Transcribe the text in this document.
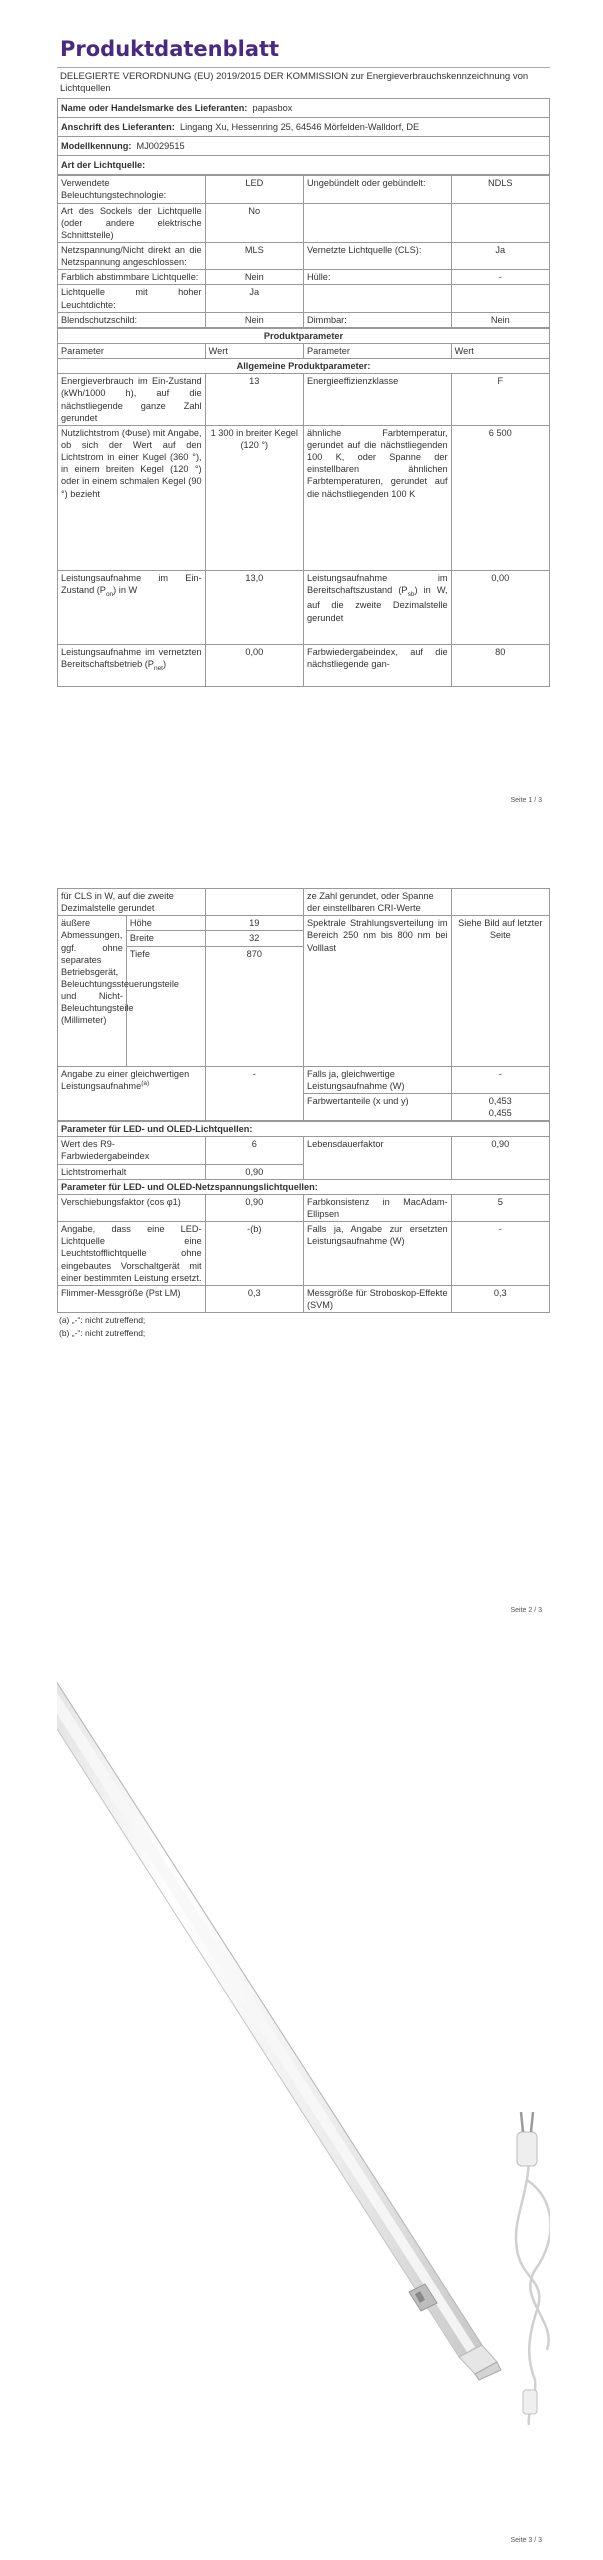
Produktdatenblatt
DELEGIERTE VERORDNUNG (EU) 2019/2015 DER KOMMISSION zur Energieverbrauchskennzeichnung von Lichtquellen
Name oder Handelsmarke des Lieferanten: papasbox
Anschrift des Lieferanten: Lingang Xu, Hessenring 25, 64546 Mörfelden-Walldorf, DE
Modellkennung: MJ0029515
Art der Lichtquelle:
Verwendete Beleuchtungstechnologie:	LED	Ungebündelt oder gebündelt:	NDLS
Art des Sockels der Lichtquelle (oder andere elektrische Schnittstelle)	No		
Netzspannung/Nicht direkt an die Netzspannung angeschlossen:	MLS	Vernetzte Lichtquelle (CLS):	Ja
Farblich abstimmbare Lichtquelle:	Nein	Hülle:	-
Lichtquelle mit hoher Leuchtdichte:	Ja		
Blendschutzschild:	Nein	Dimmbar:	Nein
Produktparameter			
Parameter	Wert	Parameter	Wert
Allgemeine Produktparameter:			
Energieverbrauch im Ein-Zustand (kWh/1000 h), auf die nächstliegende ganze Zahl gerundet	13	Energieeffizienzklasse	F
Nutzlichtstrom (Φuse) mit Angabe, ob sich der Wert auf den Lichtstrom in einer Kugel (360 °), in einem breiten Kegel (120 °) oder in einem schmalen Kegel (90 °) bezieht	1 300 in breiter Kegel (120 °)	ähnliche Farbtemperatur, gerundet auf die nächstliegenden 100 K, oder Spanne der einstellbaren ähnlichen Farbtemperaturen, gerundet auf die nächstliegenden 100 K	6 500
Leistungsaufnahme im Ein-Zustand $(P_{on})$ in W	13,0	Leistungsaufnahme im Bereitschaftszustand $(P_{sb})$ in W, auf die zweite Dezimalstelle gerundet	0,00
Leistungsaufnahme im vernetzten Bereitschaftsbetrieb $(P_{net})$	0,00	Farbwiedergabeindex, auf die nächstliegende gan-	80
Seite 1 / 3
für CLS in W, auf die zweite Dezimalstelle gerundet			ze Zahl gerundet, oder Spanne der einstellbaren CRI-Werte	
äußere Abmessungen, ggf. ohne separates Betriebsgerät, Beleuchtungssteuerungsteile und Nicht-Beleuchtungsteile (Millimeter)	Höhe	19	Spektrale Strahlungsverteilung im Bereich 250 nm bis 800 nm bei Volllast	Siehe Bild auf letzter Seite
	Breite	32		
	Tiefe	870		
Angabe zu einer gleichwertigen Leistungsaufnahme$^{(a)}$		-	Falls ja, gleichwertige Leistungsaufnahme (W)	-
			Farbwertanteile (x und y)	0,453
0,455
Parameter für LED- und OLED-Lichtquellen:			
Wert des R9-Farbwiedergabeindex	6	Lebensdauerfaktor	0,90
Lichtstromerhalt	0,90		
Parameter für LED- und OLED-Netzspannungslichtquellen:			
Verschiebungsfaktor (cos φ1)	0,90	Farbkonsistenz in MacAdam-Ellipsen	5
Angabe, dass eine LED-Lichtquelle eine Leuchtstofflichtquelle ohne eingebautes Vorschaltgerät mit einer bestimmten Leistung ersetzt.	-(b)	Falls ja, Angabe zur ersetzten Leistungsaufnahme (W)	-
Flimmer-Messgröße (Pst LM)	0,3	Messgröße für Stroboskop-Effekte (SVM)	0,3
(a) „-“: nicht zutreffend;
(b) „-“: nicht zutreffend;
Seite 2 / 3
Seite 3 / 3
